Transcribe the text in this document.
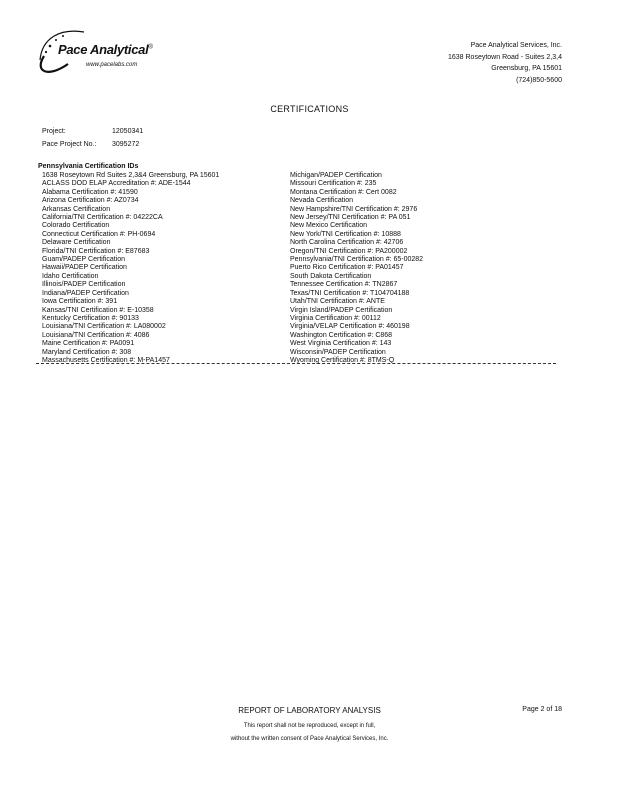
Pace Analytical®
www.pacelabs.com
Pace Analytical Services, Inc.
1638 Roseytown Road - Suites 2,3,4
Greensburg, PA 15601
(724)850-5600
CERTIFICATIONS
Project:	12050341
Pace Project No.: 3095272
Pennsylvania Certification IDs
1638 Roseytown Rd Suites 2,3&4 Greensburg, PA 15601
ACLASS DOD ELAP Accreditation #: ADE-1544
Alabama Certification #: 41590
Arizona Certification #: AZ0734
Arkansas Certification
California/TNI Certification #: 04222CA
Colorado Certification
Connecticut Certification #: PH-0694
Delaware Certification
Florida/TNI Certification #: E87683
Guam/PADEP Certification
Hawaii/PADEP Certification
Idaho Certification
Illinois/PADEP Certification
Indiana/PADEP Certification
Iowa Certification #: 391
Kansas/TNI Certification #: E-10358
Kentucky Certification #: 90133
Louisiana/TNI Certification #: LA080002
Louisiana/TNI Certification #: 4086
Maine Certification #: PA0091
Maryland Certification #: 308
Massachusetts Certification #: M-PA1457
Michigan/PADEP Certification
Missouri Certification #: 235
Montana Certification #: Cert 0082
Nevada Certification
New Hampshire/TNI Certification #: 2976
New Jersey/TNI Certification #: PA 051
New Mexico Certification
New York/TNI Certification #: 10888
North Carolina Certification #: 42706
Oregon/TNI Certification #: PA200002
Pennsylvania/TNI Certification #: 65-00282
Puerto Rico Certification #: PA01457
South Dakota Certification
Tennessee Certification #: TN2867
Texas/TNI Certification #: T104704188
Utah/TNI Certification #: ANTE
Virgin Island/PADEP Certification
Virginia Certification #: 00112
Virginia/VELAP Certification #: 460198
Washington Certification #: C868
West Virginia Certification #: 143
Wisconsin/PADEP Certification
Wyoming Certification #: 8TMS-Q
REPORT OF LABORATORY ANALYSIS	Page 2 of 18
This report shall not be reproduced, except in full,
without the written consent of Pace Analytical Services, Inc.
